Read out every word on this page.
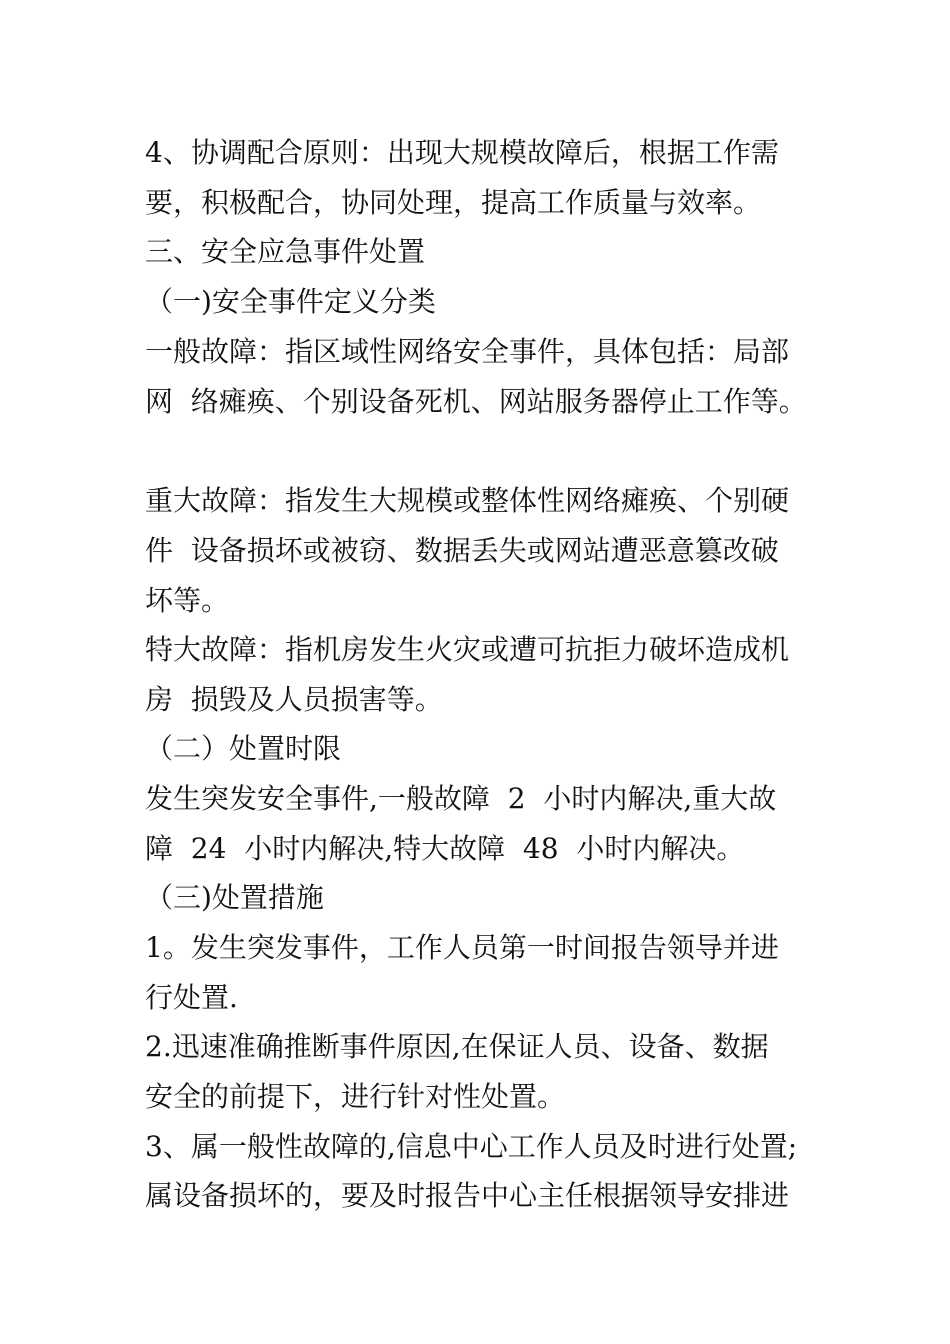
4、协调配合原则：出现大规模故障后，根据工作需
要，积极配合，协同处理，提高工作质量与效率。
三、安全应急事件处置
（一)安全事件定义分类
一般故障：指区域性网络安全事件，具体包括：局部
网  络瘫痪、个别设备死机、网站服务器停止工作等。
重大故障：指发生大规模或整体性网络瘫痪、个别硬
件  设备损坏或被窃、数据丢失或网站遭恶意篡改破
坏等。
特大故障：指机房发生火灾或遭可抗拒力破坏造成机
房  损毁及人员损害等。
（二）处置时限
发生突发安全事件,一般故障  2  小时内解决,重大故
障  24  小时内解决,特大故障  48  小时内解决。
（三)处置措施
1。发生突发事件，工作人员第一时间报告领导并进
行处置.
2.迅速准确推断事件原因,在保证人员、设备、数据
安全的前提下，进行针对性处置。
3、属一般性故障的,信息中心工作人员及时进行处置;
属设备损坏的，要及时报告中心主任根据领导安排进
